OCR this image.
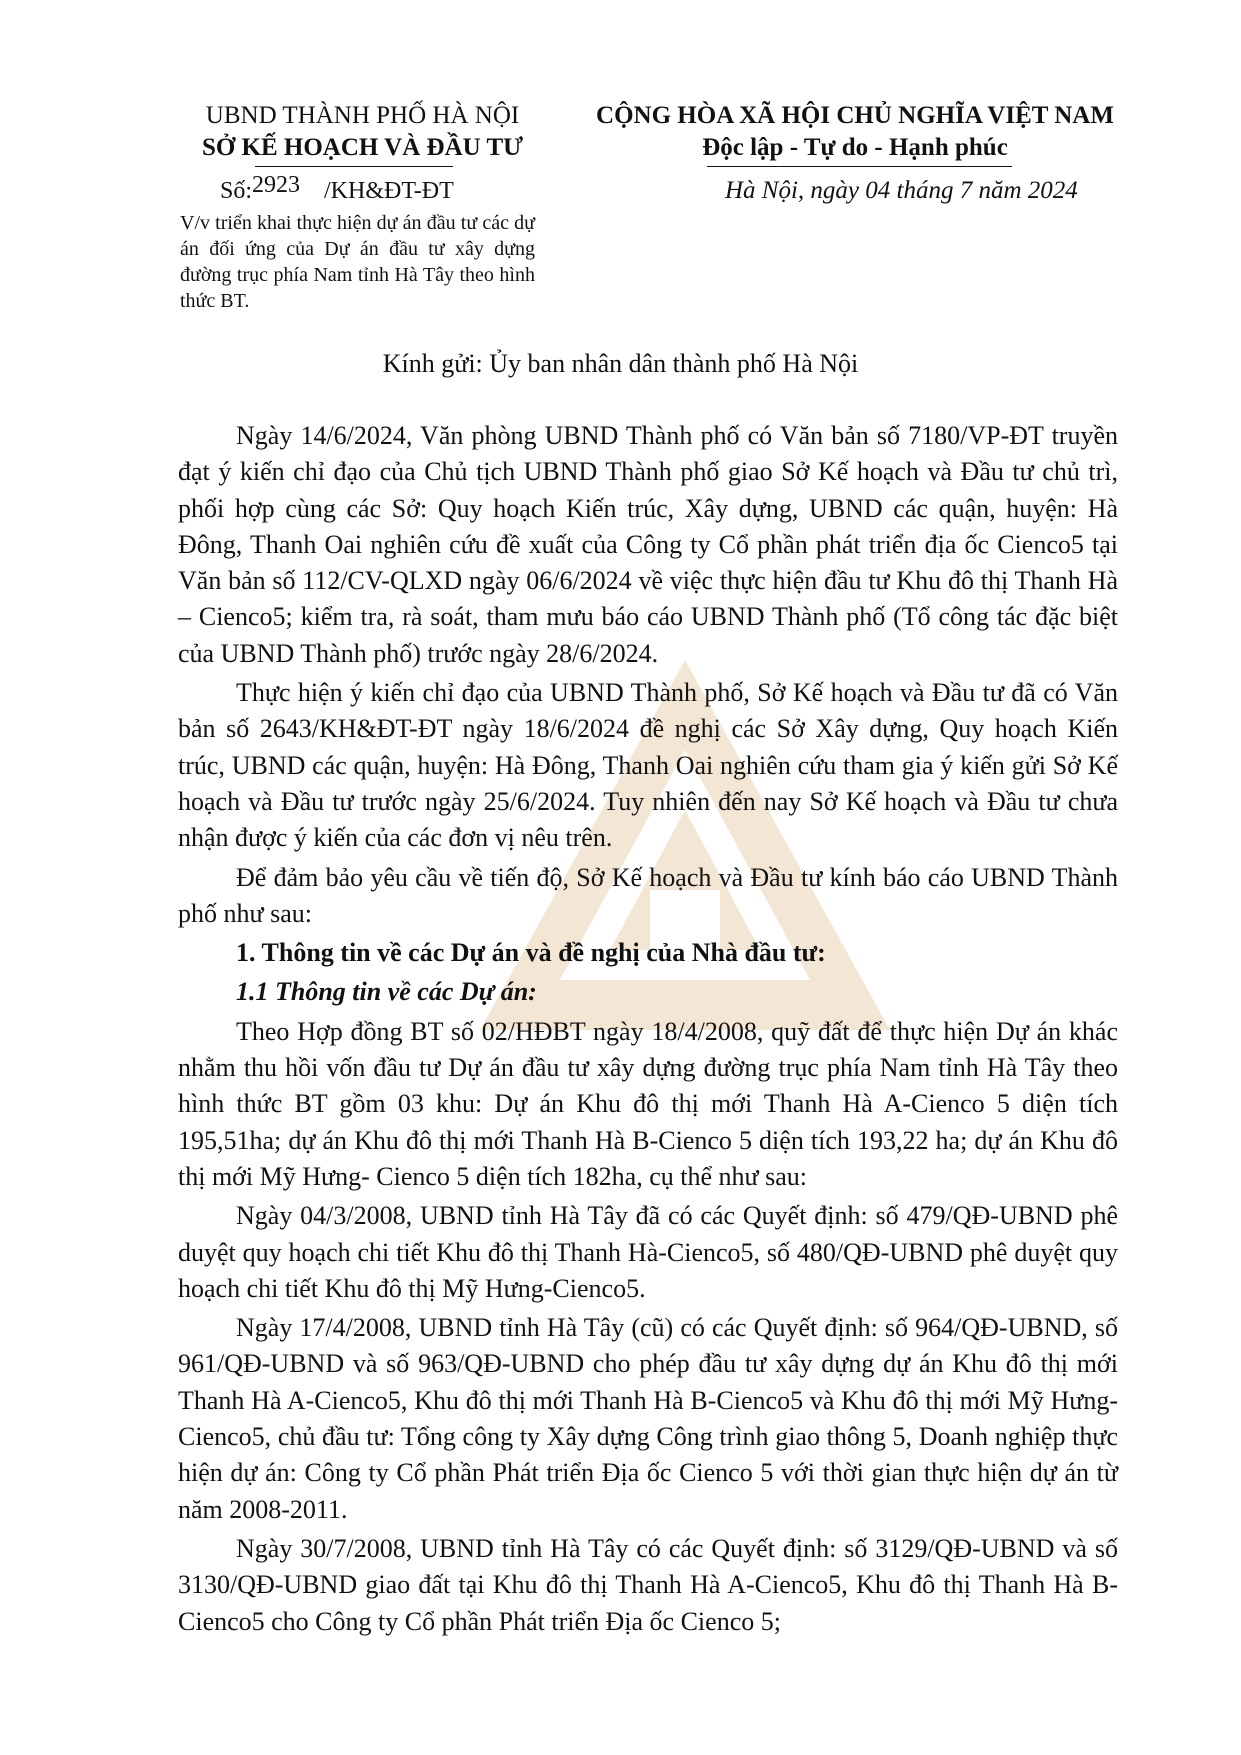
UBND THÀNH PHỐ HÀ NỘI
SỞ KẾ HOẠCH VÀ ĐẦU TƯ
CỘNG HÒA XÃ HỘI CHỦ NGHĨA VIỆT NAM
Độc lập - Tự do - Hạnh phúc
Số:2923 /KH&ĐT-ĐT	Hà Nội, ngày 04 tháng 7 năm 2024
V/v triển khai thực hiện dự án đầu tư các dự án đối ứng của Dự án đầu tư xây dựng đường trục phía Nam tỉnh Hà Tây theo hình thức BT.
Kính gửi: Ủy ban nhân dân thành phố Hà Nội

Ngày 14/6/2024, Văn phòng UBND Thành phố có Văn bản số 7180/VP-ĐT truyền đạt ý kiến chỉ đạo của Chủ tịch UBND Thành phố giao Sở Kế hoạch và Đầu tư chủ trì, phối hợp cùng các Sở: Quy hoạch Kiến trúc, Xây dựng, UBND các quận, huyện: Hà Đông, Thanh Oai nghiên cứu đề xuất của Công ty Cổ phần phát triển địa ốc Cienco5 tại Văn bản số 112/CV-QLXD ngày 06/6/2024 về việc thực hiện đầu tư Khu đô thị Thanh Hà – Cienco5; kiểm tra, rà soát, tham mưu báo cáo UBND Thành phố (Tổ công tác đặc biệt của UBND Thành phố) trước ngày 28/6/2024.

Thực hiện ý kiến chỉ đạo của UBND Thành phố, Sở Kế hoạch và Đầu tư đã có Văn bản số 2643/KH&ĐT-ĐT ngày 18/6/2024 đề nghị các Sở Xây dựng, Quy hoạch Kiến trúc, UBND các quận, huyện: Hà Đông, Thanh Oai nghiên cứu tham gia ý kiến gửi Sở Kế hoạch và Đầu tư trước ngày 25/6/2024. Tuy nhiên đến nay Sở Kế hoạch và Đầu tư chưa nhận được ý kiến của các đơn vị nêu trên.

Để đảm bảo yêu cầu về tiến độ, Sở Kế hoạch và Đầu tư kính báo cáo UBND Thành phố như sau:

1. Thông tin về các Dự án và đề nghị của Nhà đầu tư:

1.1 Thông tin về các Dự án:

Theo Hợp đồng BT số 02/HĐBT ngày 18/4/2008, quỹ đất để thực hiện Dự án khác nhằm thu hồi vốn đầu tư Dự án đầu tư xây dựng đường trục phía Nam tỉnh Hà Tây theo hình thức BT gồm 03 khu: Dự án Khu đô thị mới Thanh Hà A-Cienco 5 diện tích 195,51ha; dự án Khu đô thị mới Thanh Hà B-Cienco 5 diện tích 193,22 ha; dự án Khu đô thị mới Mỹ Hưng- Cienco 5 diện tích 182ha, cụ thể như sau:

Ngày 04/3/2008, UBND tỉnh Hà Tây đã có các Quyết định: số 479/QĐ-UBND phê duyệt quy hoạch chi tiết Khu đô thị Thanh Hà-Cienco5, số 480/QĐ-UBND phê duyệt quy hoạch chi tiết Khu đô thị Mỹ Hưng-Cienco5.

Ngày 17/4/2008, UBND tỉnh Hà Tây (cũ) có các Quyết định: số 964/QĐ-UBND, số 961/QĐ-UBND và số 963/QĐ-UBND cho phép đầu tư xây dựng dự án Khu đô thị mới Thanh Hà A-Cienco5, Khu đô thị mới Thanh Hà B-Cienco5 và Khu đô thị mới Mỹ Hưng-Cienco5, chủ đầu tư: Tổng công ty Xây dựng Công trình giao thông 5, Doanh nghiệp thực hiện dự án: Công ty Cổ phần Phát triển Địa ốc Cienco 5 với thời gian thực hiện dự án từ năm 2008-2011.

Ngày 30/7/2008, UBND tỉnh Hà Tây có các Quyết định: số 3129/QĐ-UBND và số 3130/QĐ-UBND giao đất tại Khu đô thị Thanh Hà A-Cienco5, Khu đô thị Thanh Hà B-Cienco5 cho Công ty Cổ phần Phát triển Địa ốc Cienco 5;
